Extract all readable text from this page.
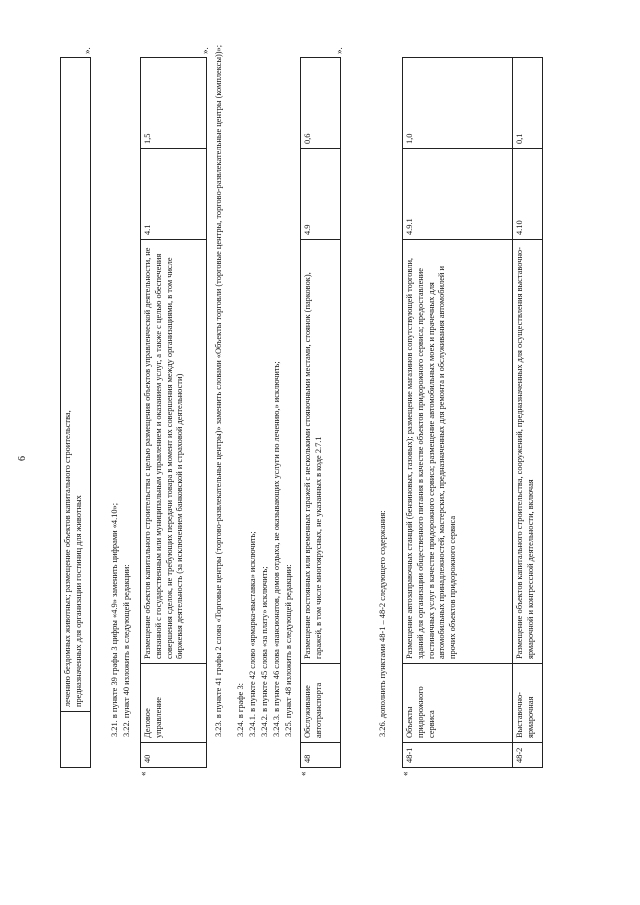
6
		лечению бездомных животных; размещение объектов капитального строительства, предназначенных для организации гостиниц для животных
».
3.21. в пункте 39 графы 3 цифры «4.9» заменить цифрами «4.10»; 3.22. пункт 40 изложить в следующей редакции:
«
40	Деловое управление	Размещение объектов капитального строительства с целью размещения объектов управленческой деятельности, не связанной с государственным или муниципальным управлением и оказанием услуг, а также с целью обеспечения совершения сделок, не требующих передачи товара в момент их совершения между организациями, в том числе биржевая деятельность (за исключением банковской и страховой деятельности)	4.1	1,5
». 3.23. в пункте 41 графы 2 слова «Торговые центры (торгово-развлекательные центры)» заменить словами «Объекты торговли (торговые центры, торгово-развлекательные центры (комплексы))»; 3.24. в графе 3: 3.24.1. в пункте 42 слово «ярмарка-выставка» исключить; 3.24.2. в пункте 45 слова «за плату» исключить; 3.24.3. в пункте 46 слова «пансионатов, домов отдыха, не оказывающих услуги по лечению,» исключить; 3.25. пункт 48 изложить в следующей редакции:
«
48	Обслуживание автотранспорта	Размещение постоянных или временных гаражей с несколькими стояночными местами, стоянок (парковок), гаражей, в том числе многоярусных, не указанных в коде 2.7.1	4.9	0,6
».
3.26. дополнить пунктами 48-1 – 48-2 следующего содержания:
«
48-1	Объекты придорожного сервиса	Размещение автозаправочных станций (бензиновых, газовых); размещение магазинов сопутствующей торговли, зданий для организации общественного питания в качестве объектов придорожного сервиса; предоставление гостиничных услуг в качестве придорожного сервиса; размещение автомобильных моек и прачечных для автомобильных принадлежностей, мастерских, предназначенных для ремонта и обслуживания автомобилей и прочих объектов придорожного сервиса	4.9.1	1,0
48-2	Выставочно-ярмарочная	Размещение объектов капитального строительства, сооружений, предназначенных для осуществления выставочно-ярмарочной и конгрессной деятельности, включая	4.10	0,1
